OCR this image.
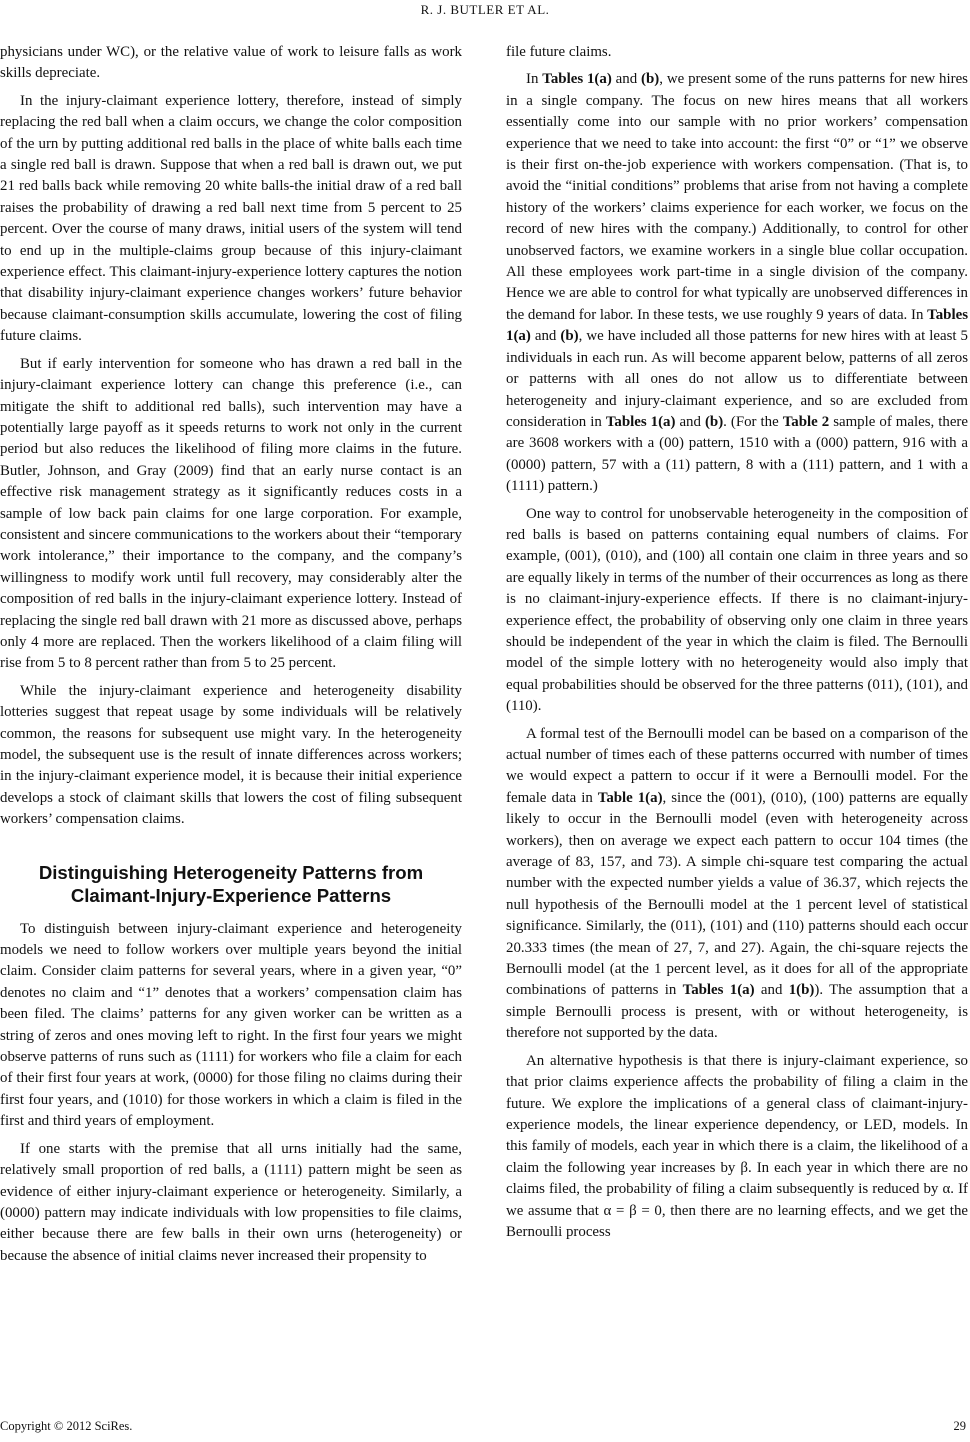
R. J. BUTLER ET AL.

physicians under WC), or the relative value of work to leisure falls as work skills depreciate.

In the injury-claimant experience lottery, therefore, instead of simply replacing the red ball when a claim occurs, we change the color composition of the urn by putting additional red balls in the place of white balls each time a single red ball is drawn. Suppose that when a red ball is drawn out, we put 21 red balls back while removing 20 white balls-the initial draw of a red ball raises the probability of drawing a red ball next time from 5 percent to 25 percent. Over the course of many draws, initial users of the system will tend to end up in the multiple-claims group because of this injury-claimant experience effect. This claimant-injury-experience lottery captures the notion that disability injury-claimant experience changes workers’ future behavior because claimant-consumption skills accumulate, lowering the cost of filing future claims.

But if early intervention for someone who has drawn a red ball in the injury-claimant experience lottery can change this preference (i.e., can mitigate the shift to additional red balls), such intervention may have a potentially large payoff as it speeds returns to work not only in the current period but also reduces the likelihood of filing more claims in the future. Butler, Johnson, and Gray (2009) find that an early nurse contact is an effective risk management strategy as it significantly reduces costs in a sample of low back pain claims for one large corporation. For example, consistent and sincere communications to the workers about their “temporary work intolerance,” their importance to the company, and the company’s willingness to modify work until full recovery, may considerably alter the composition of red balls in the injury-claimant experience lottery. Instead of replacing the single red ball drawn with 21 more as discussed above, perhaps only 4 more are replaced. Then the workers likelihood of a claim filing will rise from 5 to 8 percent rather than from 5 to 25 percent.

While the injury-claimant experience and heterogeneity disability lotteries suggest that repeat usage by some individuals will be relatively common, the reasons for subsequent use might vary. In the heterogeneity model, the subsequent use is the result of innate differences across workers; in the injury-claimant experience model, it is because their initial experience develops a stock of claimant skills that lowers the cost of filing subsequent workers’ compensation claims.

Distinguishing Heterogeneity Patterns from
Claimant-Injury-Experience Patterns

To distinguish between injury-claimant experience and heterogeneity models we need to follow workers over multiple years beyond the initial claim. Consider claim patterns for several years, where in a given year, “0” denotes no claim and “1” denotes that a workers’ compensation claim has been filed. The claims’ patterns for any given worker can be written as a string of zeros and ones moving left to right. In the first four years we might observe patterns of runs such as (1111) for workers who file a claim for each of their first four years at work, (0000) for those filing no claims during their first four years, and (1010) for those workers in which a claim is filed in the first and third years of employment.

If one starts with the premise that all urns initially had the same, relatively small proportion of red balls, a (1111) pattern might be seen as evidence of either injury-claimant experience or heterogeneity. Similarly, a (0000) pattern may indicate individuals with low propensities to file claims, either because there are few balls in their own urns (heterogeneity) or because the absence of initial claims never increased their propensity to

file future claims.

In Tables 1(a) and (b), we present some of the runs patterns for new hires in a single company. The focus on new hires means that all workers essentially come into our sample with no prior workers’ compensation experience that we need to take into account: the first “0” or “1” we observe is their first on-the-job experience with workers compensation. (That is, to avoid the “initial conditions” problems that arise from not having a complete history of the workers’ claims experience for each worker, we focus on the record of new hires with the company.) Additionally, to control for other unobserved factors, we examine workers in a single blue collar occupation. All these employees work part-time in a single division of the company. Hence we are able to control for what typically are unobserved differences in the demand for labor. In these tests, we use roughly 9 years of data. In Tables 1(a) and (b), we have included all those patterns for new hires with at least 5 individuals in each run. As will become apparent below, patterns of all zeros or patterns with all ones do not allow us to differentiate between heterogeneity and injury-claimant experience, and so are excluded from consideration in Tables 1(a) and (b). (For the Table 2 sample of males, there are 3608 workers with a (00) pattern, 1510 with a (000) pattern, 916 with a (0000) pattern, 57 with a (11) pattern, 8 with a (111) pattern, and 1 with a (1111) pattern.)

One way to control for unobservable heterogeneity in the composition of red balls is based on patterns containing equal numbers of claims. For example, (001), (010), and (100) all contain one claim in three years and so are equally likely in terms of the number of their occurrences as long as there is no claimant-injury-experience effects. If there is no claimant-injury-experience effect, the probability of observing only one claim in three years should be independent of the year in which the claim is filed. The Bernoulli model of the simple lottery with no heterogeneity would also imply that equal probabilities should be observed for the three patterns (011), (101), and (110).

A formal test of the Bernoulli model can be based on a comparison of the actual number of times each of these patterns occurred with number of times we would expect a pattern to occur if it were a Bernoulli model. For the female data in Table 1(a), since the (001), (010), (100) patterns are equally likely to occur in the Bernoulli model (even with heterogeneity across workers), then on average we expect each pattern to occur 104 times (the average of 83, 157, and 73). A simple chi-square test comparing the actual number with the expected number yields a value of 36.37, which rejects the null hypothesis of the Bernoulli model at the 1 percent level of statistical significance. Similarly, the (011), (101) and (110) patterns should each occur 20.333 times (the mean of 27, 7, and 27). Again, the chi-square rejects the Bernoulli model (at the 1 percent level, as it does for all of the appropriate combinations of patterns in Tables 1(a) and 1(b)). The assumption that a simple Bernoulli process is present, with or without heterogeneity, is therefore not supported by the data.

An alternative hypothesis is that there is injury-claimant experience, so that prior claims experience affects the probability of filing a claim in the future. We explore the implications of a general class of claimant-injury-experience models, the linear experience dependency, or LED, models. In this family of models, each year in which there is a claim, the likelihood of a claim the following year increases by β. In each year in which there are no claims filed, the probability of filing a claim subsequently is reduced by α. If we assume that α = β = 0, then there are no learning effects, and we get the Bernoulli process

Copyright © 2012 SciRes.	29
